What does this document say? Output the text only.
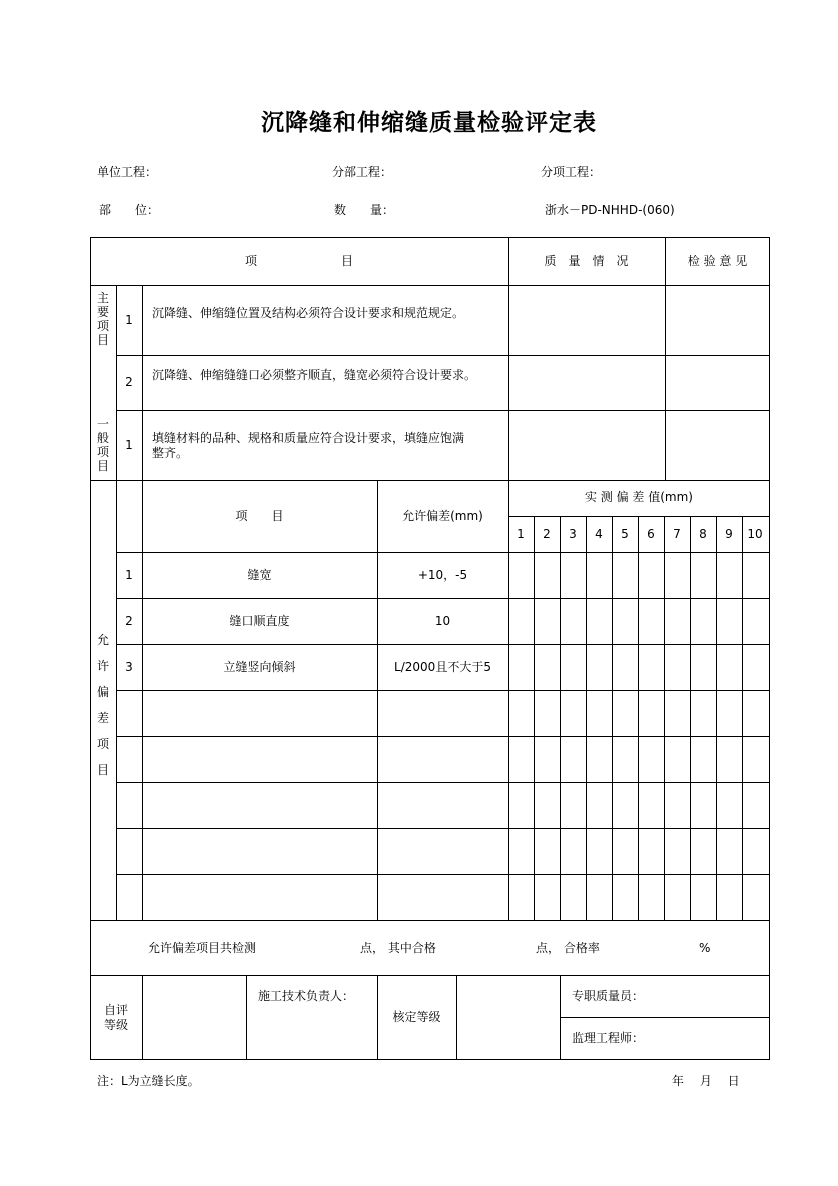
沉降缝和伸缩缝质量检验评定表
单位工程：	分部工程：	分项工程：
部　　位：	数　　量：	浙水－PD-NHHD-(060)
项　　　　　　　目	质　量　情　况	检 验 意 见
主
要
项
目
1	沉降缝、伸缩缝位置及结构必须符合设计要求和规范规定。
2	沉降缝、伸缩缝缝口必须整齐顺直，缝宽必须符合设计要求。
一
般
项
目
1	填缝材料的品种、规格和质量应符合设计要求，填缝应饱满整齐。
允
许
偏
差
项
目
项　　目	允许偏差(mm)
实 测 偏 差 值(mm)
1	2	3	4	5	6	7	8	9	10
1	缝宽	+10，-5
2	缝口顺直度	10
3	立缝竖向倾斜	L/2000且不大于5
允许偏差项目共检测	点， 其中合格	点， 合格率	%
自评
等级
施工技术负责人：
核定等级
专职质量员：
监理工程师：
注：L为立缝长度。	年　 月　 日
